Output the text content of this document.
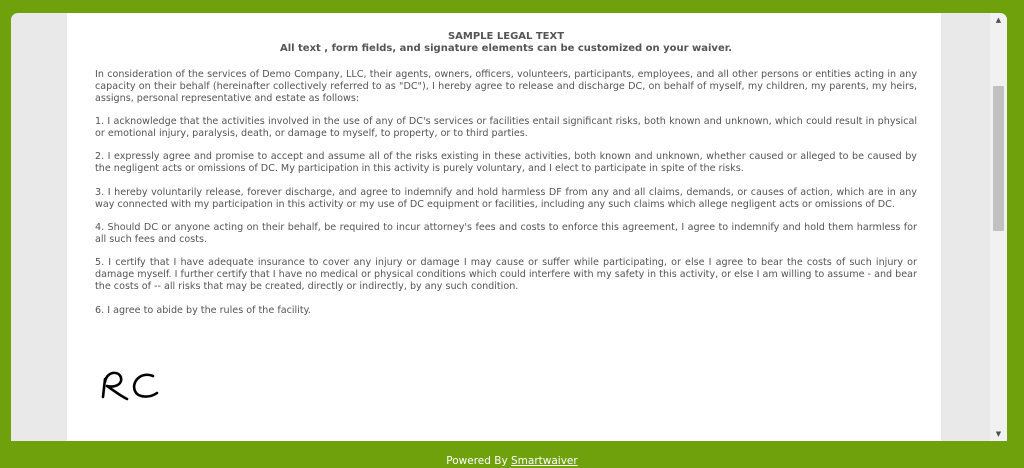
SAMPLE LEGAL TEXT
All text , form fields, and signature elements can be customized on your waiver.

In consideration of the services of Demo Company, LLC, their agents, owners, officers, volunteers, participants, employees, and all other persons or entities acting in any capacity on their behalf (hereinafter collectively referred to as "DC"), I hereby agree to release and discharge DC, on behalf of myself, my children, my parents, my heirs, assigns, personal representative and estate as follows:

1. I acknowledge that the activities involved in the use of any of DC's services or facilities entail significant risks, both known and unknown, which could result in physical or emotional injury, paralysis, death, or damage to myself, to property, or to third parties.

2. I expressly agree and promise to accept and assume all of the risks existing in these activities, both known and unknown, whether caused or alleged to be caused by the negligent acts or omissions of DC. My participation in this activity is purely voluntary, and I elect to participate in spite of the risks.

3. I hereby voluntarily release, forever discharge, and agree to indemnify and hold harmless DF from any and all claims, demands, or causes of action, which are in any way connected with my participation in this activity or my use of DC equipment or facilities, including any such claims which allege negligent acts or omissions of DC.

4. Should DC or anyone acting on their behalf, be required to incur attorney's fees and costs to enforce this agreement, I agree to indemnify and hold them harmless for all such fees and costs.

5. I certify that I have adequate insurance to cover any injury or damage I may cause or suffer while participating, or else I agree to bear the costs of such injury or damage myself. I further certify that I have no medical or physical conditions which could interfere with my safety in this activity, or else I am willing to assume - and bear the costs of -- all risks that may be created, directly or indirectly, by any such condition.

6. I agree to abide by the rules of the facility.

▲
▼
Powered By Smartwaiver
